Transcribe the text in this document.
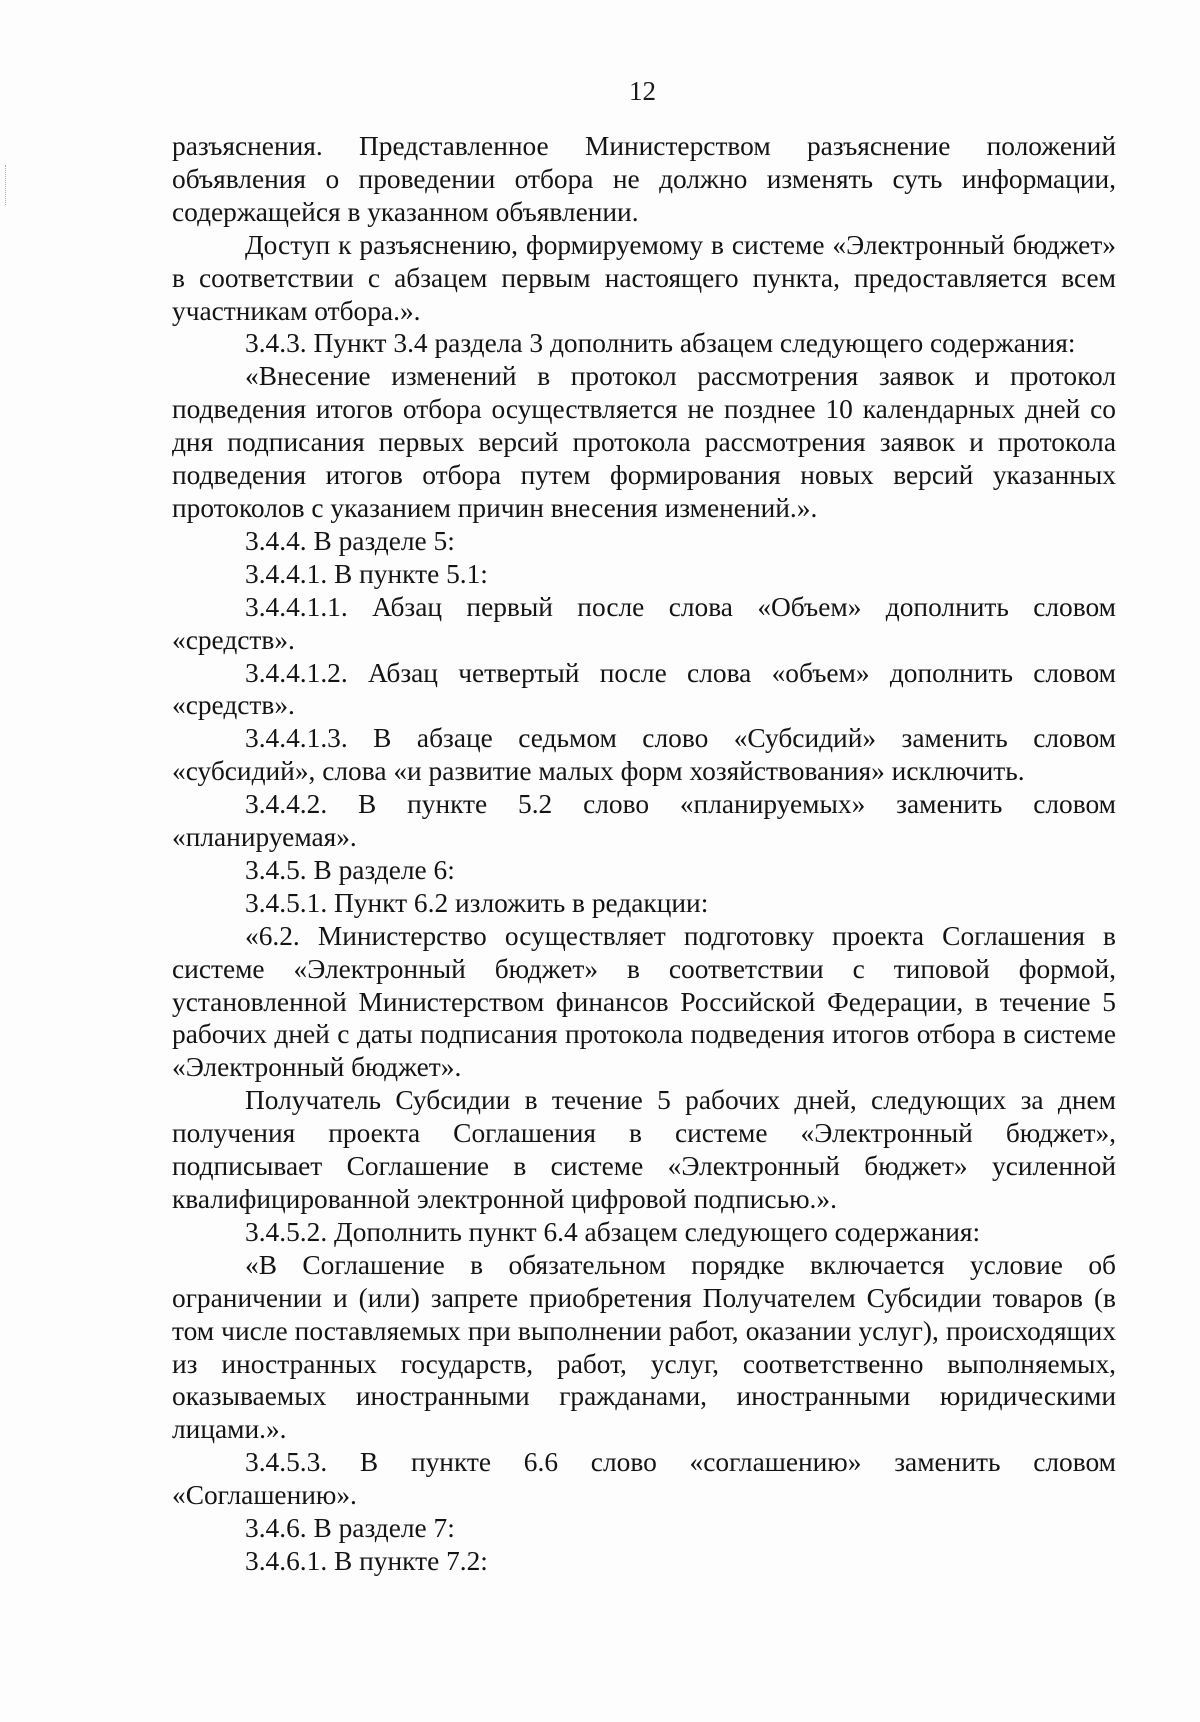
12

разъяснения. Представленное Министерством разъяснение положений объявления о проведении отбора не должно изменять суть информации, содержащейся в указанном объявлении.

Доступ к разъяснению, формируемому в системе «Электронный бюджет» в соответствии с абзацем первым настоящего пункта, предоставляется всем участникам отбора.».

3.4.3. Пункт 3.4 раздела 3 дополнить абзацем следующего содержания:

«Внесение изменений в протокол рассмотрения заявок и протокол подведения итогов отбора осуществляется не позднее 10 календарных дней со дня подписания первых версий протокола рассмотрения заявок и протокола подведения итогов отбора путем формирования новых версий указанных протоколов с указанием причин внесения изменений.».

3.4.4. В разделе 5:

3.4.4.1. В пункте 5.1:

3.4.4.1.1. Абзац первый после слова «Объем» дополнить словом «средств».

3.4.4.1.2. Абзац четвертый после слова «объем» дополнить словом «средств».

3.4.4.1.3. В абзаце седьмом слово «Субсидий» заменить словом «субсидий», слова «и развитие малых форм хозяйствования» исключить.

3.4.4.2. В пункте 5.2 слово «планируемых» заменить словом «планируемая».

3.4.5. В разделе 6:

3.4.5.1. Пункт 6.2 изложить в редакции:

«6.2. Министерство осуществляет подготовку проекта Соглашения в системе «Электронный бюджет» в соответствии с типовой формой, установленной Министерством финансов Российской Федерации, в течение 5 рабочих дней с даты подписания протокола подведения итогов отбора в системе «Электронный бюджет».

Получатель Субсидии в течение 5 рабочих дней, следующих за днем получения проекта Соглашения в системе «Электронный бюджет», подписывает Соглашение в системе «Электронный бюджет» усиленной квалифицированной электронной цифровой подписью.».

3.4.5.2. Дополнить пункт 6.4 абзацем следующего содержания:

«В Соглашение в обязательном порядке включается условие об ограничении и (или) запрете приобретения Получателем Субсидии товаров (в том числе поставляемых при выполнении работ, оказании услуг), происходящих из иностранных государств, работ, услуг, соответственно выполняемых, оказываемых иностранными гражданами, иностранными юридическими лицами.».

3.4.5.3. В пункте 6.6 слово «соглашению» заменить словом «Соглашению».

3.4.6. В разделе 7:

3.4.6.1. В пункте 7.2:
